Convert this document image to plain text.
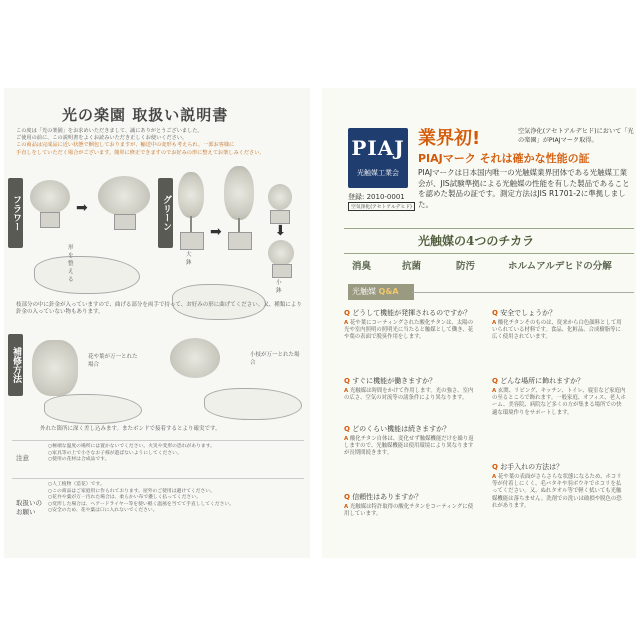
光の楽園 取扱い説明書
この度は「光の楽園」をお求めいただきまして、誠にありがとうございました。
ご使用の前に、この説明書をよくお読みいただき正しくお使いください。
この商品は完成品に近い状態で梱包しておりますが、輸送中の変形も考えられ、一部お客様に
手直しをしていただく場合がございます。簡単に修正できますのでお好みの形に整えてお楽しみください。
フラワー	➡
形を整える
グリーン
大鉢
➡	➡
小鉢
枝部分の中に針金が入っていますので、曲げる部分を両手で持って、お好みの形に曲げてください。又、種類により針金の入っていない物もあります。
補修方法	花や葉が万一とれた場合
小枝が万一とれた場合
外れた箇所に深く差し込みます。またボンドで接着するとより確実です。
注意
○極端な温度の場所には置かないでください。火災や変形の恐れがあります。
○家具等の上で小さなお子様が遊ばないようにしてください。
○使用の花材は合成品です。
取扱いのお願い
○人工植物（造花）です。
○この商品はご家庭用に作られております。屋外のご使用は避けてください。
○花弁や葉が万一汚れた場合は、柔らかい布で優しく払ってください。
○変形した場合は、ヘアードライヤー等を使い軽く温風を当てて手直ししてください。
○安全のため、花や葉は口に入れないでください。
PIAJ
光触媒工業会
登録: 2010-0001
空気浄化(アセトアルデヒド)
業界初!	空気浄化(アセトアルデヒド)において「光の楽園」がPIAJマーク取得。
PIAJマーク それは確かな性能の証
PIAJマークは日本国内唯一の光触媒業界団体である光触媒工業会が、JIS試験準拠による光触媒の性能を有した製品であることを認めた製品の証です。測定方法はJIS R1701-2に準拠しました。
光触媒の4つのチカラ
消臭	抗菌	防汚	ホルムアルデヒドの分解
光触媒 Q&A
Q どうして機能が発揮されるのですか？
A 花や葉にコーティングされた酸化チタンは、太陽の光や室内照明の照明光に当たると触媒として働き、花や葉の表面で脱臭作用をします。
Q すぐに機能が働きますか？
A 光触媒は時間をかけて作用します。光の強さ、室内の広さ、空気の対流等の諸条件により異なります。
Q どのくらい機能は続きますか？
A 酸化チタン自体は、変化せず触媒機能だけを繰り返しますので、光触媒機能は使用環境により異なりますが長期間続きます。
Q 信頼性はありますか？
A 光触媒は特許取得の酸化チタンをコーティングに使用しています。
Q 安全でしょうか？
A 酸化チタンそのものは、従来から白色顔料として用いられている材料です。食品、化粧品、合成樹脂等に広く使用されています。
Q どんな場所に飾れますか？
A 玄関、リビング、キッチン、トイレ、寝室など家庭内の至るところで飾れます。一般家庭、オフィス、老人ホーム、美容院、病院など多くの方が集まる場所での快適な環境作りをサポートします。
Q お手入れの方法は？
A 花や葉の表面がさらさらな状態になるため、ホコリ等が付着しにくく、毛バタキや羽ボウキでホコリを払ってください。又、ぬれタオル等で軽く拭いても光触媒機能は落ちません。洗剤での洗いは破損や脱色の恐れがあります。
